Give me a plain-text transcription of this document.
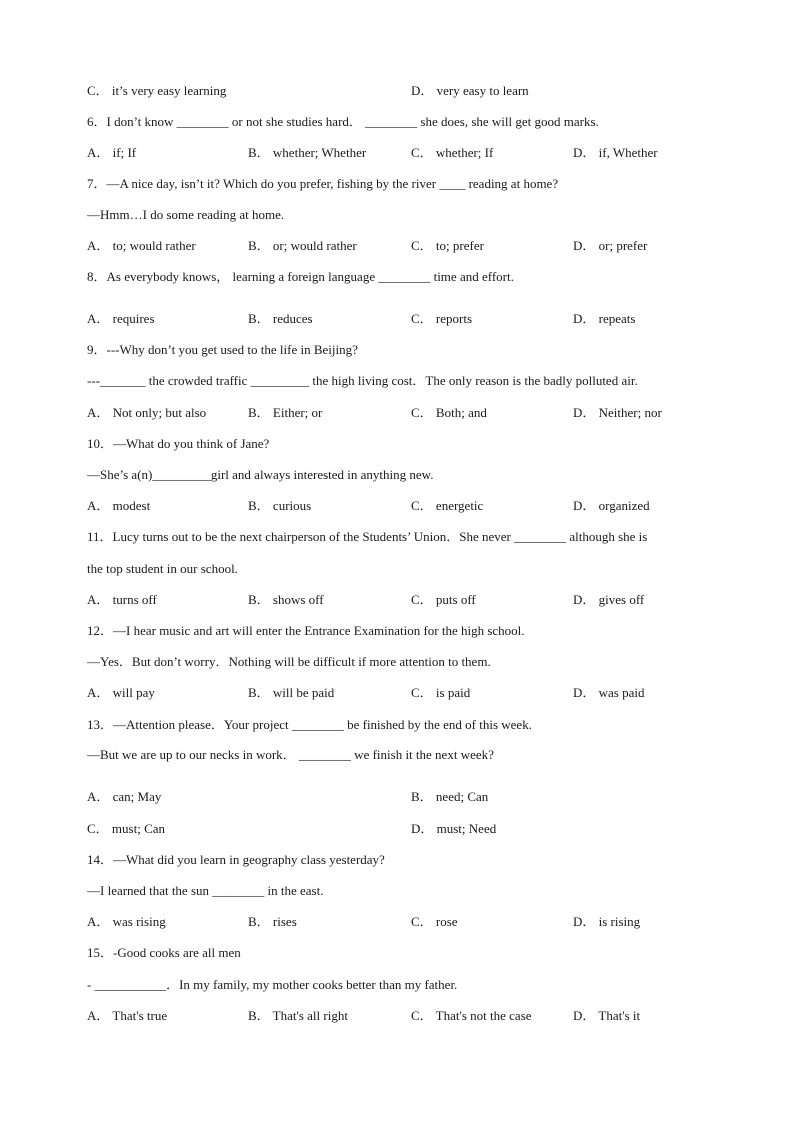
C． it’s very easy learning	D． very easy to learn
6．I don’t know ________ or not she studies hard． ________ she does, she will get good marks.
A． if; If	B． whether; Whether	C． whether; If	D． if, Whether
7．—A nice day, isn’t it? Which do you prefer, fishing by the river ____ reading at home?
—Hmm…I do some reading at home.
A． to; would rather	B． or; would rather	C． to; prefer	D． or; prefer
8．As everybody knows， learning a foreign language ________ time and effort.
A． requires	B． reduces	C． reports	D． repeats
9．---Why don’t you get used to the life in Beijing?
---_______ the crowded traffic _________ the high living cost．The only reason is the badly polluted air.
A． Not only; but also	B． Either; or	C． Both; and	D． Neither; nor
10．—What do you think of Jane?
—She’s a(n)_________girl and always interested in anything new.
A． modest	B． curious	C． energetic	D． organized
11．Lucy turns out to be the next chairperson of the Students’ Union．She never ________ although she is
the top student in our school.
A． turns off	B． shows off	C． puts off	D． gives off
12．—I hear music and art will enter the Entrance Examination for the high school.
—Yes．But don’t worry．Nothing will be difficult if more attention to them.
A． will pay	B． will be paid	C． is paid	D． was paid
13．—Attention please．Your project ________ be finished by the end of this week.
—But we are up to our necks in work． ________ we finish it the next week?
A． can; May	B． need; Can
C． must; Can	D． must; Need
14．—What did you learn in geography class yesterday?
—I learned that the sun ________ in the east.
A． was rising	B． rises	C． rose	D． is rising
15．-Good cooks are all men
- ___________．In my family, my mother cooks better than my father.
A． That's true	B． That's all right	C． That's not the case	D． That's it
